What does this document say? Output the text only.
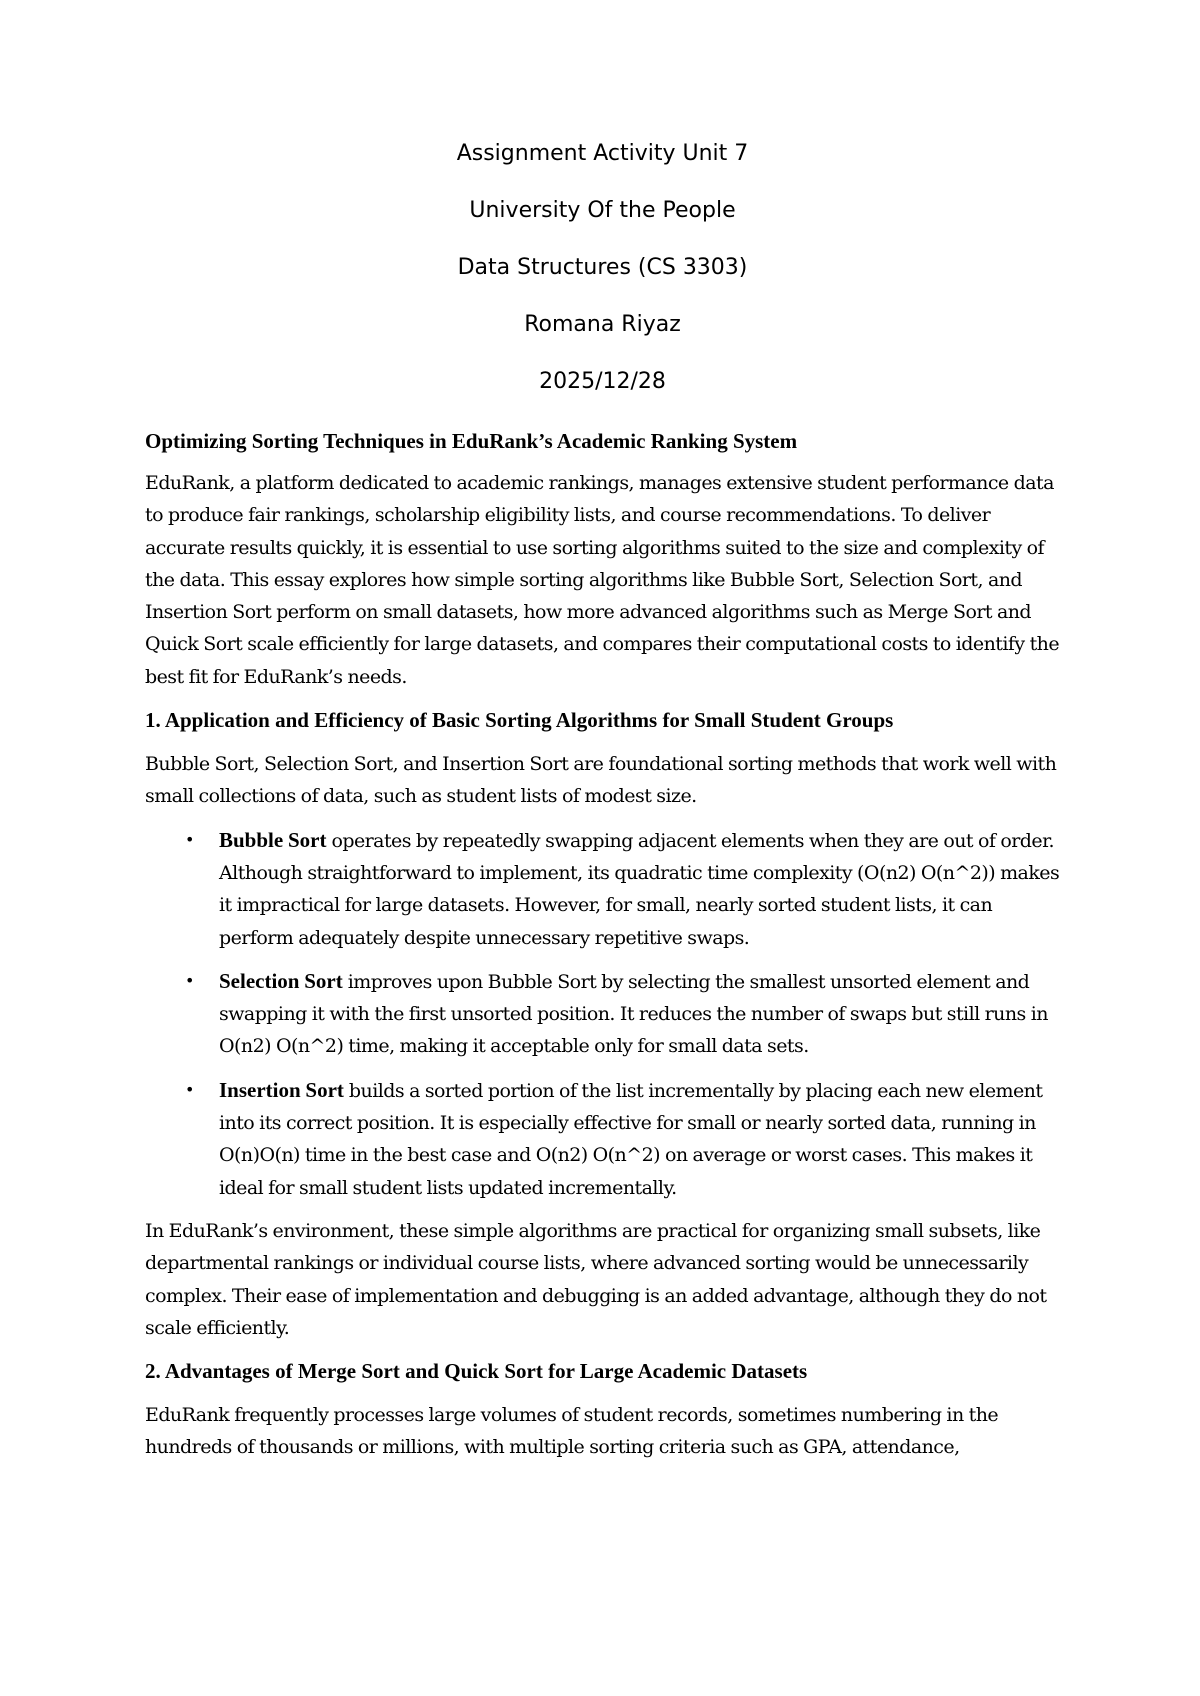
Assignment Activity Unit 7

University Of the People

Data Structures (CS 3303)

Romana Riyaz

2025/12/28

Optimizing Sorting Techniques in EduRank’s Academic Ranking System

EduRank, a platform dedicated to academic rankings, manages extensive student performance data to produce fair rankings, scholarship eligibility lists, and course recommendations. To deliver accurate results quickly, it is essential to use sorting algorithms suited to the size and complexity of the data. This essay explores how simple sorting algorithms like Bubble Sort, Selection Sort, and Insertion Sort perform on small datasets, how more advanced algorithms such as Merge Sort and Quick Sort scale efficiently for large datasets, and compares their computational costs to identify the best fit for EduRank’s needs.

1. Application and Efficiency of Basic Sorting Algorithms for Small Student Groups

Bubble Sort, Selection Sort, and Insertion Sort are foundational sorting methods that work well with small collections of data, such as student lists of modest size.

• Bubble Sort operates by repeatedly swapping adjacent elements when they are out of order. Although straightforward to implement, its quadratic time complexity (O(n2) O(n^2)) makes it impractical for large datasets. However, for small, nearly sorted student lists, it can perform adequately despite unnecessary repetitive swaps.
• Selection Sort improves upon Bubble Sort by selecting the smallest unsorted element and swapping it with the first unsorted position. It reduces the number of swaps but still runs in O(n2) O(n^2) time, making it acceptable only for small data sets.
• Insertion Sort builds a sorted portion of the list incrementally by placing each new element into its correct position. It is especially effective for small or nearly sorted data, running in O(n)O(n) time in the best case and O(n2) O(n^2) on average or worst cases. This makes it ideal for small student lists updated incrementally.

In EduRank’s environment, these simple algorithms are practical for organizing small subsets, like departmental rankings or individual course lists, where advanced sorting would be unnecessarily complex. Their ease of implementation and debugging is an added advantage, although they do not scale efficiently.

2. Advantages of Merge Sort and Quick Sort for Large Academic Datasets

EduRank frequently processes large volumes of student records, sometimes numbering in the hundreds of thousands or millions, with multiple sorting criteria such as GPA, attendance,
